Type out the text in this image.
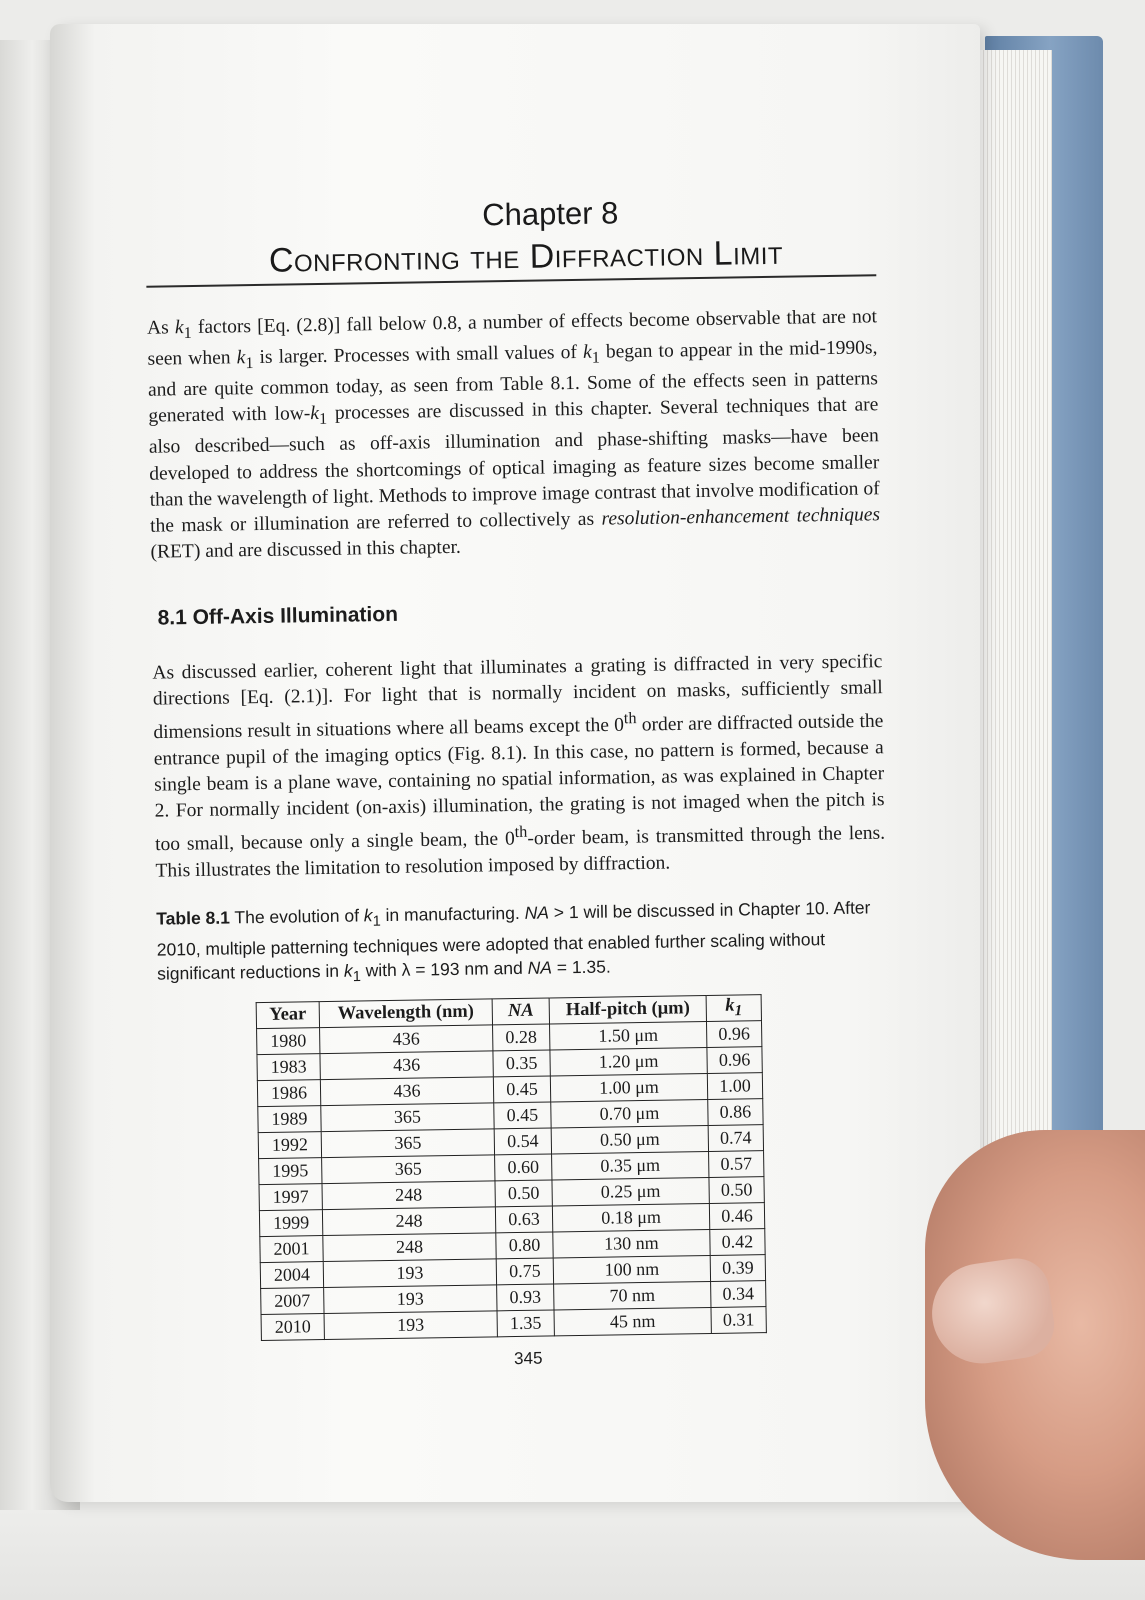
Chapter 8
Confronting the Diffraction Limit

As $k_1$ factors [Eq. (2.8)] fall below 0.8, a number of effects become observable that are not seen when $k_1$ is larger. Processes with small values of $k_1$ began to appear in the mid-1990s, and are quite common today, as seen from Table 8.1. Some of the effects seen in patterns generated with low-$k_1$ processes are discussed in this chapter. Several techniques that are also described—such as off-axis illumination and phase-shifting masks—have been developed to address the shortcomings of optical imaging as feature sizes become smaller than the wavelength of light. Methods to improve image contrast that involve modification of the mask or illumination are referred to collectively as resolution-enhancement techniques (RET) and are discussed in this chapter.

8.1 Off-Axis Illumination

As discussed earlier, coherent light that illuminates a grating is diffracted in very specific directions [Eq. (2.1)]. For light that is normally incident on masks, sufficiently small dimensions result in situations where all beams except the 0th order are diffracted outside the entrance pupil of the imaging optics (Fig. 8.1). In this case, no pattern is formed, because a single beam is a plane wave, containing no spatial information, as was explained in Chapter 2. For normally incident (on-axis) illumination, the grating is not imaged when the pitch is too small, because only a single beam, the 0th-order beam, is transmitted through the lens. This illustrates the limitation to resolution imposed by diffraction.

Table 8.1 The evolution of $k_1$ in manufacturing. NA > 1 will be discussed in Chapter 10. After 2010, multiple patterning techniques were adopted that enabled further scaling without significant reductions in $k_1$ with λ = 193 nm and NA = 1.35.
Year	Wavelength (nm)	NA	Half-pitch (μm)	$k_1$
1980	436	0.28	1.50 μm	0.96
1983	436	0.35	1.20 μm	0.96
1986	436	0.45	1.00 μm	1.00
1989	365	0.45	0.70 μm	0.86
1992	365	0.54	0.50 μm	0.74
1995	365	0.60	0.35 μm	0.57
1997	248	0.50	0.25 μm	0.50
1999	248	0.63	0.18 μm	0.46
2001	248	0.80	130 nm	0.42
2004	193	0.75	100 nm	0.39
2007	193	0.93	70 nm	0.34
2010	193	1.35	45 nm	0.31
345
